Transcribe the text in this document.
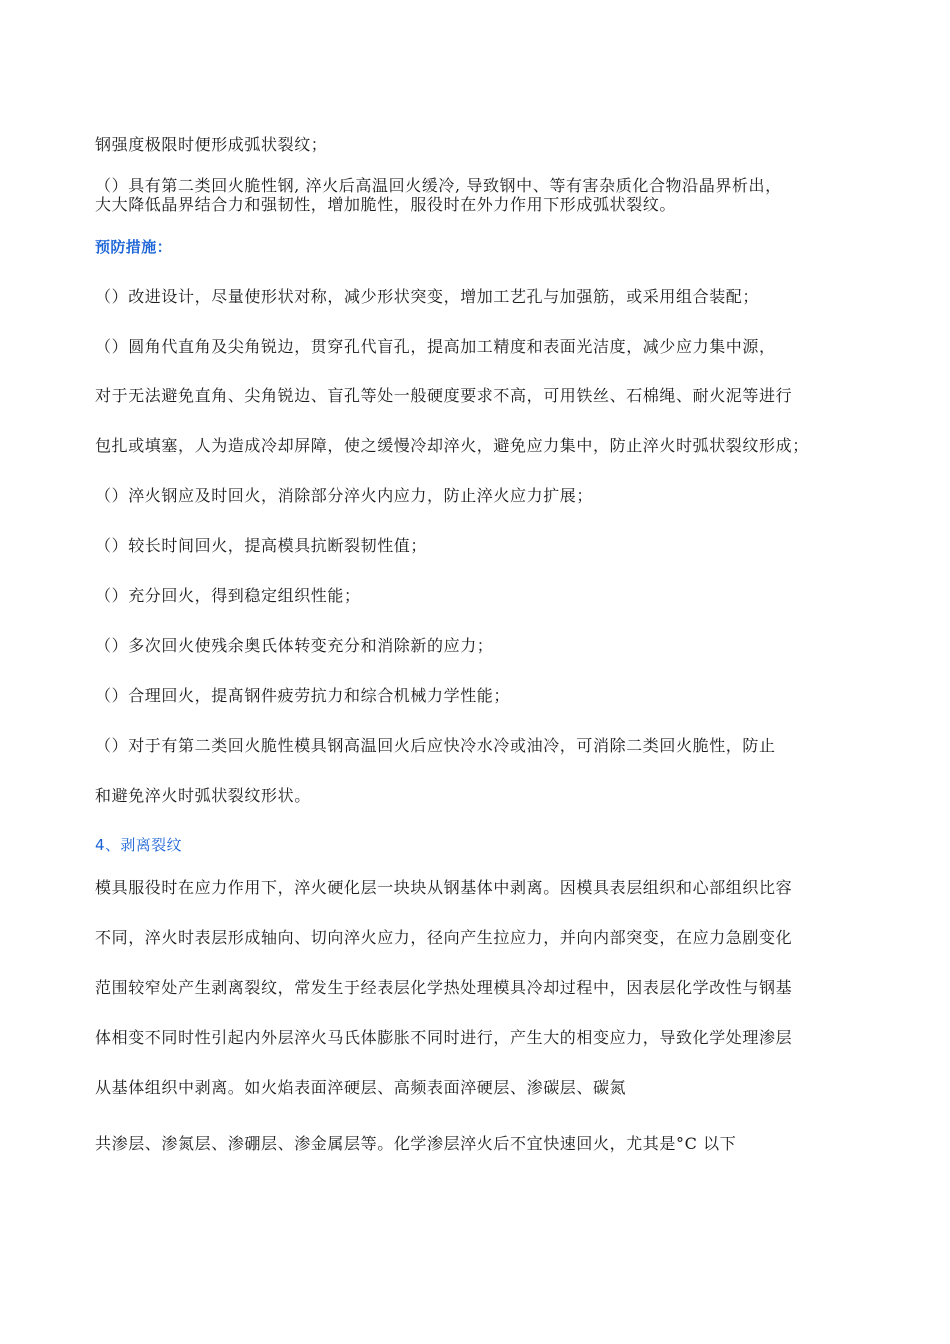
钢强度极限时便形成弧状裂纹；
（）具有第二类回火脆性钢, 淬火后高温回火缓冷, 导致钢中、等有害杂质化合物沿晶界析出，
大大降低晶界结合力和强韧性，增加脆性，服役时在外力作用下形成弧状裂纹。
预防措施：
（）改进设计，尽量使形状对称，减少形状突变，增加工艺孔与加强筋，或采用组合装配；
（）圆角代直角及尖角锐边，贯穿孔代盲孔，提高加工精度和表面光洁度，减少应力集中源，
对于无法避免直角、尖角锐边、盲孔等处一般硬度要求不高，可用铁丝、石棉绳、耐火泥等进行
包扎或填塞，人为造成冷却屏障，使之缓慢冷却淬火，避免应力集中，防止淬火时弧状裂纹形成；
（）淬火钢应及时回火，消除部分淬火内应力，防止淬火应力扩展；
（）较长时间回火，提高模具抗断裂韧性值；
（）充分回火，得到稳定组织性能；
（）多次回火使残余奥氏体转变充分和消除新的应力；
（）合理回火，提髙钢件疲劳抗力和综合机械力学性能；
（）对于有第二类回火脆性模具钢高温回火后应快冷水冷或油冷，可消除二类回火脆性，防止
和避免淬火时弧状裂纹形状。
4、剥离裂纹
模具服役时在应力作用下，淬火硬化层一块块从钢基体中剥离。因模具表层组织和心部组织比容
不同，淬火时表层形成轴向、切向淬火应力，径向产生拉应力，并向内部突变，在应力急剧变化
范围较窄处产生剥离裂纹，常发生于经表层化学热处理模具冷却过程中，因表层化学改性与钢基
体相变不同时性引起内外层淬火马氏体膨胀不同时进行，产生大的相变应力，导致化学处理渗层
从基体组织中剥离。如火焰表面淬硬层、高频表面淬硬层、渗碳层、碳氮
共渗层、渗氮层、渗硼层、渗金属层等。化学渗层淬火后不宜快速回火，尤其是°C 以下
